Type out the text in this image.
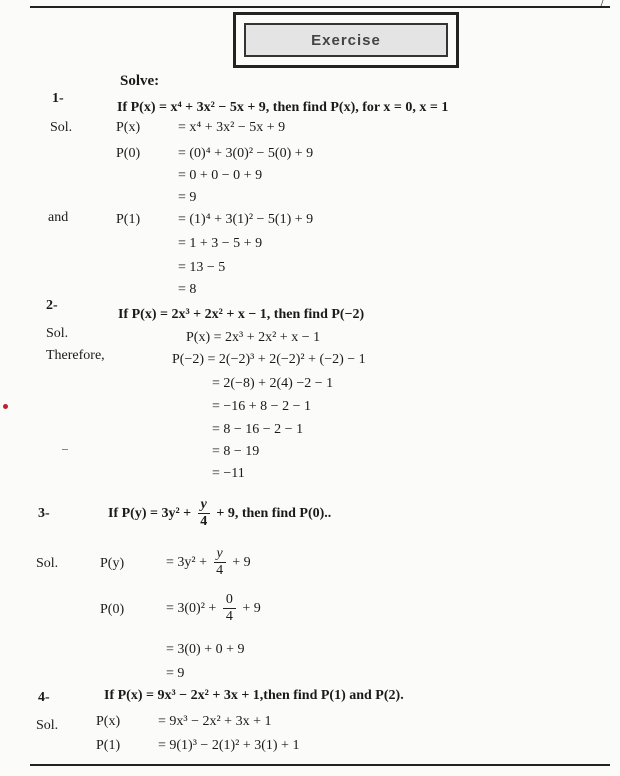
/
Exercise
Solve:
1-
If P(x) = x⁴ + 3x² − 5x + 9, then find P(x), for x = 0, x = 1
Sol.	P(x)	= x⁴ + 3x² − 5x + 9
P(0)	= (0)⁴ + 3(0)² − 5(0) + 9
= 0 + 0 − 0 + 9
= 9
and	P(1)	= (1)⁴ + 3(1)² − 5(1) + 9
= 1 + 3 − 5 + 9
= 13 − 5
= 8
2-
If P(x) = 2x³ + 2x² + x − 1, then find P(−2)
Sol.	P(x) = 2x³ + 2x² + x − 1
Therefore,	P(−2) = 2(−2)³ + 2(−2)² + (−2) − 1
= 2(−8) + 2(4) −2 − 1
= −16 + 8 − 2 − 1
= 8 − 16 − 2 − 1
= 8 − 19
= −11
3-	If $P(y) = 3y^2 + \frac{y}{4} + 9$, then find P(0)..
Sol.	P(y)	= $3y^2 + \frac{y}{4} + 9$
P(0)	= $3(0)^2 + \frac{0}{4} + 9$
= 3(0) + 0 + 9
= 9
4-	If P(x) = 9x³ − 2x² + 3x + 1,then find P(1) and P(2).
Sol.	P(x)	= 9x³ − 2x² + 3x + 1
P(1)	= 9(1)³ − 2(1)² + 3(1) + 1
